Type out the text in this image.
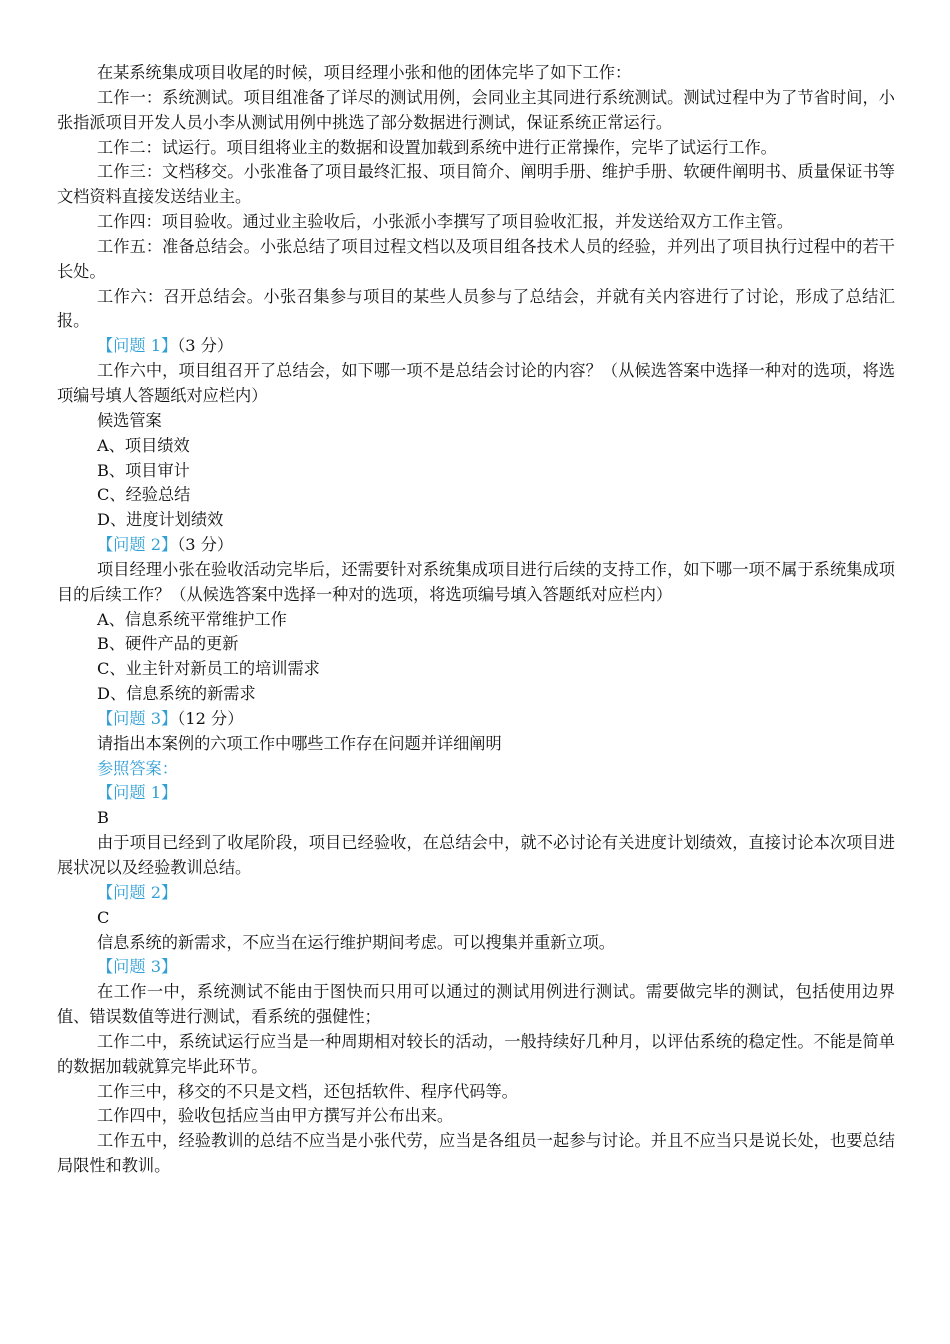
在某系统集成项目收尾的时候，项目经理小张和他的团体完毕了如下工作：

工作一：系统测试。项目组准备了详尽的测试用例，会同业主其同进行系统测试。测试过程中为了节省时间，小张指派项目开发人员小李从测试用例中挑选了部分数据进行测试，保证系统正常运行。

工作二：试运行。项目组将业主的数据和设置加载到系统中进行正常操作，完毕了试运行工作。

工作三：文档移交。小张准备了项目最终汇报、项目简介、阐明手册、维护手册、软硬件阐明书、质量保证书等文档资料直接发送结业主。

工作四：项目验收。通过业主验收后，小张派小李撰写了项目验收汇报，并发送给双方工作主管。

工作五：准备总结会。小张总结了项目过程文档以及项目组各技术人员的经验，并列出了项目执行过程中的若干长处。

工作六：召开总结会。小张召集参与项目的某些人员参与了总结会，并就有关内容进行了讨论，形成了总结汇报。

【问题 1】（3 分）

工作六中，项目组召开了总结会，如下哪一项不是总结会讨论的内容？（从候选答案中选择一种对的选项，将选项编号填人答题纸对应栏内）

候选管案

A、项目绩效

B、项目审计

C、经验总结

D、进度计划绩效

【问题 2】（3 分）

项目经理小张在验收活动完毕后，还需要针对系统集成项目进行后续的支持工作，如下哪一项不属于系统集成项目的后续工作？（从候选答案中选择一种对的选项，将选项编号填入答题纸对应栏内）

A、信息系统平常维护工作

B、硬件产品的更新

C、业主针对新员工的培训需求

D、信息系统的新需求

【问题 3】（12 分）

请指出本案例的六项工作中哪些工作存在问题并详细阐明

参照答案：

【问题 1】

B

由于项目已经到了收尾阶段，项目已经验收，在总结会中，就不必讨论有关进度计划绩效，直接讨论本次项目进展状况以及经验教训总结。

【问题 2】

C

信息系统的新需求，不应当在运行维护期间考虑。可以搜集并重新立项。

【问题 3】

在工作一中，系统测试不能由于图快而只用可以通过的测试用例进行测试。需要做完毕的测试，包括使用边界值、错误数值等进行测试，看系统的强健性；

工作二中，系统试运行应当是一种周期相对较长的活动，一般持续好几种月，以评估系统的稳定性。不能是简单的数据加载就算完毕此环节。

工作三中，移交的不只是文档，还包括软件、程序代码等。

工作四中，验收包括应当由甲方撰写并公布出来。

工作五中，经验教训的总结不应当是小张代劳，应当是各组员一起参与讨论。并且不应当只是说长处，也要总结局限性和教训。
